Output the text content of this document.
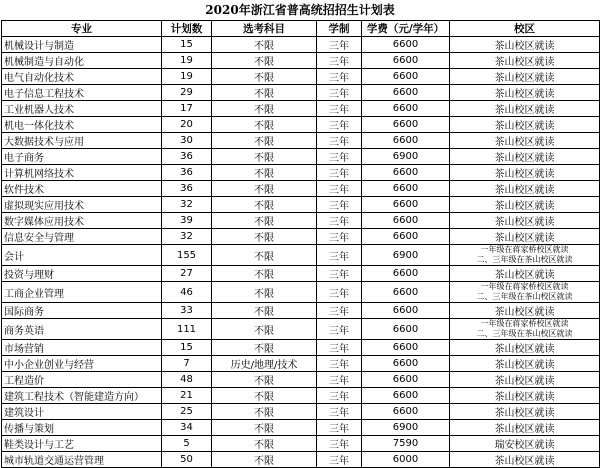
2020年浙江省普高统招招生计划表
专业	计划数	选考科目	学制	学费（元/学年）	校区
机械设计与制造	15	不限	三年	6600	茶山校区就读

机械制造与自动化	19	不限	三年	6600	茶山校区就读

电气自动化技术	19	不限	三年	6600	茶山校区就读

电子信息工程技术	29	不限	三年	6600	茶山校区就读

工业机器人技术	17	不限	三年	6600	茶山校区就读

机电一体化技术	20	不限	三年	6600	茶山校区就读

大数据技术与应用	30	不限	三年	6600	茶山校区就读

电子商务	36	不限	三年	6900	茶山校区就读

计算机网络技术	36	不限	三年	6600	茶山校区就读

软件技术	36	不限	三年	6600	茶山校区就读

虚拟现实应用技术	32	不限	三年	6600	茶山校区就读

数字媒体应用技术	39	不限	三年	6600	茶山校区就读

信息安全与管理	32	不限	三年	6600	茶山校区就读

会计	155	不限	三年	6900	一年级在蒋家桥校区就读
二、三年级在茶山校区就读

投资与理财	27	不限	三年	6600	茶山校区就读

工商企业管理	46	不限	三年	6600	一年级在蒋家桥校区就读
二、三年级在茶山校区就读

国际商务	33	不限	三年	6600	茶山校区就读

商务英语	111	不限	三年	6600	一年级在蒋家桥校区就读
二、三年级在茶山校区就读

市场营销	15	不限	三年	6600	茶山校区就读

中小企业创业与经营	7	历史/地理/技术	三年	6600	茶山校区就读

工程造价	48	不限	三年	6600	茶山校区就读

建筑工程技术（智能建造方向）	21	不限	三年	6600	茶山校区就读

建筑设计	25	不限	三年	6600	茶山校区就读

传播与策划	34	不限	三年	6900	茶山校区就读

鞋类设计与工艺	5	不限	三年	7590	瑞安校区就读

城市轨道交通运营管理	50	不限	三年	6000	茶山校区就读
